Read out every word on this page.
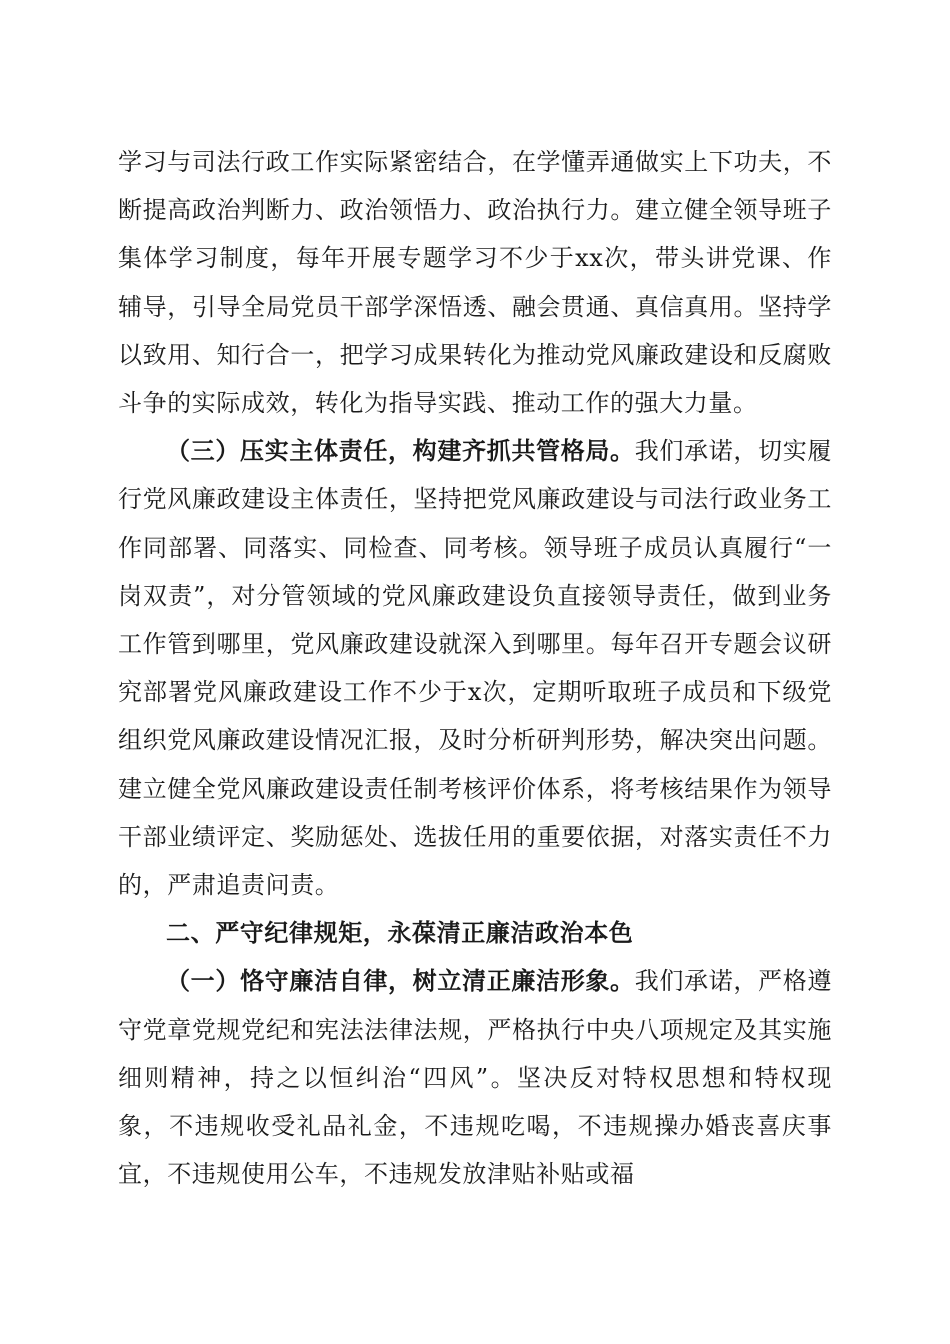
学习与司法行政工作实际紧密结合，在学懂弄通做实上下功夫，不断提高政治判断力、政治领悟力、政治执行力。建立健全领导班子集体学习制度，每年开展专题学习不少于xx次，带头讲党课、作辅导，引导全局党员干部学深悟透、融会贯通、真信真用。坚持学以致用、知行合一，把学习成果转化为推动党风廉政建设和反腐败斗争的实际成效，转化为指导实践、推动工作的强大力量。

（三）压实主体责任，构建齐抓共管格局。我们承诺，切实履行党风廉政建设主体责任，坚持把党风廉政建设与司法行政业务工作同部署、同落实、同检查、同考核。领导班子成员认真履行“一岗双责”，对分管领域的党风廉政建设负直接领导责任，做到业务工作管到哪里，党风廉政建设就深入到哪里。每年召开专题会议研究部署党风廉政建设工作不少于x次，定期听取班子成员和下级党组织党风廉政建设情况汇报，及时分析研判形势，解决突出问题。建立健全党风廉政建设责任制考核评价体系，将考核结果作为领导干部业绩评定、奖励惩处、选拔任用的重要依据，对落实责任不力的，严肃追责问责。

二、严守纪律规矩，永葆清正廉洁政治本色

（一）恪守廉洁自律，树立清正廉洁形象。我们承诺，严格遵守党章党规党纪和宪法法律法规，严格执行中央八项规定及其实施细则精神，持之以恒纠治“四风”。坚决反对特权思想和特权现象，不违规收受礼品礼金，不违规吃喝，不违规操办婚丧喜庆事宜，不违规使用公车，不违规发放津贴补贴或福
